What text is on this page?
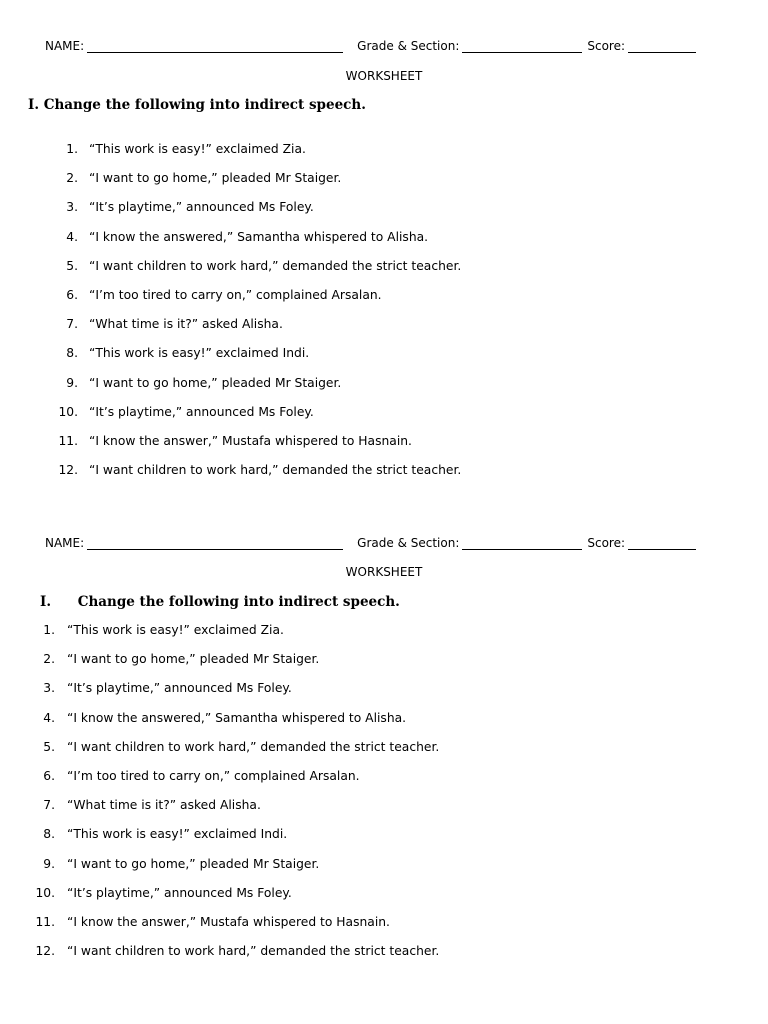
NAME:	Grade & Section:	Score:
WORKSHEET
I. Change the following into indirect speech.
1. “This work is easy!” exclaimed Zia.
2. “I want to go home,” pleaded Mr Staiger.
3. “It’s playtime,” announced Ms Foley.
4. “I know the answered,” Samantha whispered to Alisha.
5. “I want children to work hard,” demanded the strict teacher.
6. “I’m too tired to carry on,” complained Arsalan.
7. “What time is it?” asked Alisha.
8. “This work is easy!” exclaimed Indi.
9. “I want to go home,” pleaded Mr Staiger.
10. “It’s playtime,” announced Ms Foley.
11. “I know the answer,” Mustafa whispered to Hasnain.
12. “I want children to work hard,” demanded the strict teacher.
NAME:	Grade & Section:	Score:
WORKSHEET
I. Change the following into indirect speech.
1. “This work is easy!” exclaimed Zia.
2. “I want to go home,” pleaded Mr Staiger.
3. “It’s playtime,” announced Ms Foley.
4. “I know the answered,” Samantha whispered to Alisha.
5. “I want children to work hard,” demanded the strict teacher.
6. “I’m too tired to carry on,” complained Arsalan.
7. “What time is it?” asked Alisha.
8. “This work is easy!” exclaimed Indi.
9. “I want to go home,” pleaded Mr Staiger.
10. “It’s playtime,” announced Ms Foley.
11. “I know the answer,” Mustafa whispered to Hasnain.
12. “I want children to work hard,” demanded the strict teacher.
